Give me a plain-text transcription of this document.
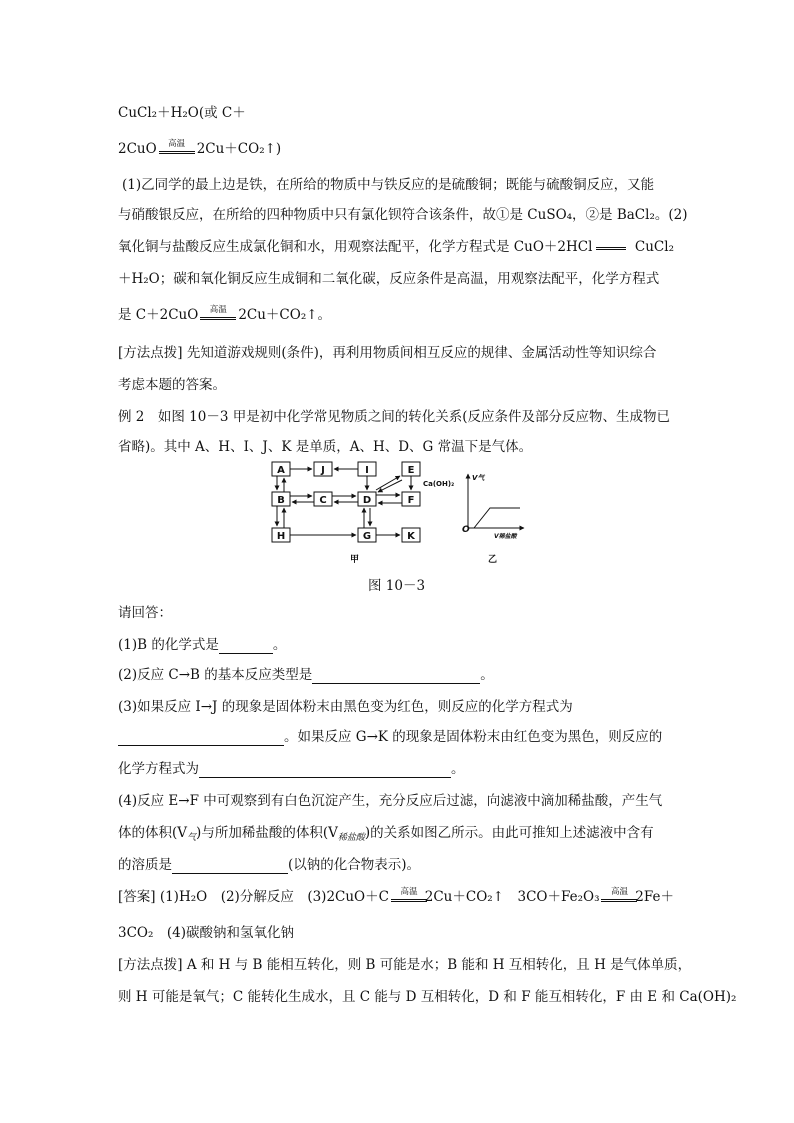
CuCl₂＋H₂O(或 C＋
2CuO	高温 2Cu＋CO₂↑)
(1)乙同学的最上边是铁，在所给的物质中与铁反应的是硫酸铜；既能与硫酸铜反应，又能
与硝酸银反应，在所给的四种物质中只有氯化钡符合该条件，故①是 CuSO₄，②是 BaCl₂。(2)
氧化铜与盐酸反应生成氯化铜和水，用观察法配平，化学方程式是 CuO＋2HCl	CuCl₂
＋H₂O；碳和氧化铜反应生成铜和二氧化碳，反应条件是高温，用观察法配平，化学方程式
是 C＋2CuO	高温 2Cu＋CO₂↑。
[方法点拨] 先知道游戏规则(条件)，再利用物质间相互反应的规律、金属活动性等知识综合
考虑本题的答案。
例 2　如图 10－3 甲是初中化学常见物质之间的转化关系(反应条件及部分反应物、生成物已
省略)。其中 A、H、I、J、K 是单质，A、H、D、G 常温下是气体。
A	J	I	E
B	C	D	F
H	G	K
Ca(OH)₂
O
V气
V稀盐酸
甲	乙
图 10－3
请回答：
(1)B 的化学式是	。
(2)反应 C→B 的基本反应类型是	。
(3)如果反应 I→J 的现象是固体粉末由黑色变为红色，则反应的化学方程式为
。如果反应 G→K 的现象是固体粉末由红色变为黑色，则反应的
化学方程式为	。
(4)反应 E→F 中可观察到有白色沉淀产生，充分反应后过滤，向滤液中滴加稀盐酸，产生气
体的体积$(V_气)$与所加稀盐酸的体积$(V_{稀盐酸})$的关系如图乙所示。由此可推知上述滤液中含有
的溶质是	(以钠的化合物表示)。
[答案] (1)H₂O　(2)分解反应　(3)2CuO＋C	高温 2Cu＋CO₂↑　3CO＋Fe₂O₃	高温 2Fe＋
3CO₂　(4)碳酸钠和氢氧化钠
[方法点拨] A 和 H 与 B 能相互转化，则 B 可能是水；B 能和 H 互相转化，且 H 是气体单质，
则 H 可能是氧气；C 能转化生成水，且 C 能与 D 互相转化，D 和 F 能互相转化，F 由 E 和 Ca(OH)₂
